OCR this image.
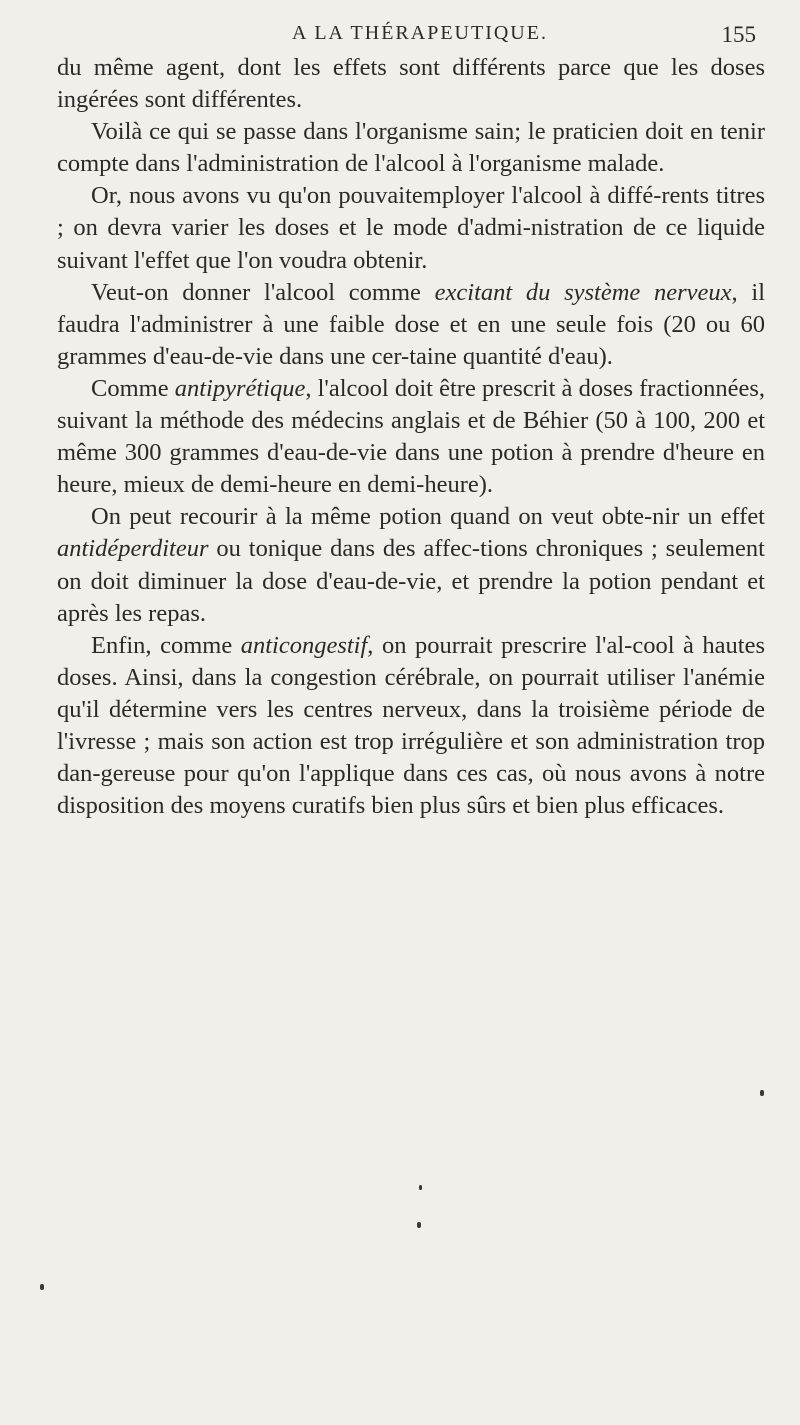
A LA THÉRAPEUTIQUE.	155

du même agent, dont les effets sont différents parce que les doses ingérées sont différentes.

Voilà ce qui se passe dans l'organisme sain; le praticien doit en tenir compte dans l'administration de l'alcool à l'organisme malade.

Or, nous avons vu qu'on pouvaitemployer l'alcool à diffé-rents titres ; on devra varier les doses et le mode d'admi-nistration de ce liquide suivant l'effet que l'on voudra obtenir.

Veut-on donner l'alcool comme excitant du système nerveux, il faudra l'administrer à une faible dose et en une seule fois (20 ou 60 grammes d'eau-de-vie dans une cer-taine quantité d'eau).

Comme antipyrétique, l'alcool doit être prescrit à doses fractionnées, suivant la méthode des médecins anglais et de Béhier (50 à 100, 200 et même 300 grammes d'eau-de-vie dans une potion à prendre d'heure en heure, mieux de demi-heure en demi-heure).

On peut recourir à la même potion quand on veut obte-nir un effet antidéperditeur ou tonique dans des affec-tions chroniques ; seulement on doit diminuer la dose d'eau-de-vie, et prendre la potion pendant et après les repas.

Enfin, comme anticongestif, on pourrait prescrire l'al-cool à hautes doses. Ainsi, dans la congestion cérébrale, on pourrait utiliser l'anémie qu'il détermine vers les centres nerveux, dans la troisième période de l'ivresse ; mais son action est trop irrégulière et son administration trop dan-gereuse pour qu'on l'applique dans ces cas, où nous avons à notre disposition des moyens curatifs bien plus sûrs et bien plus efficaces.
